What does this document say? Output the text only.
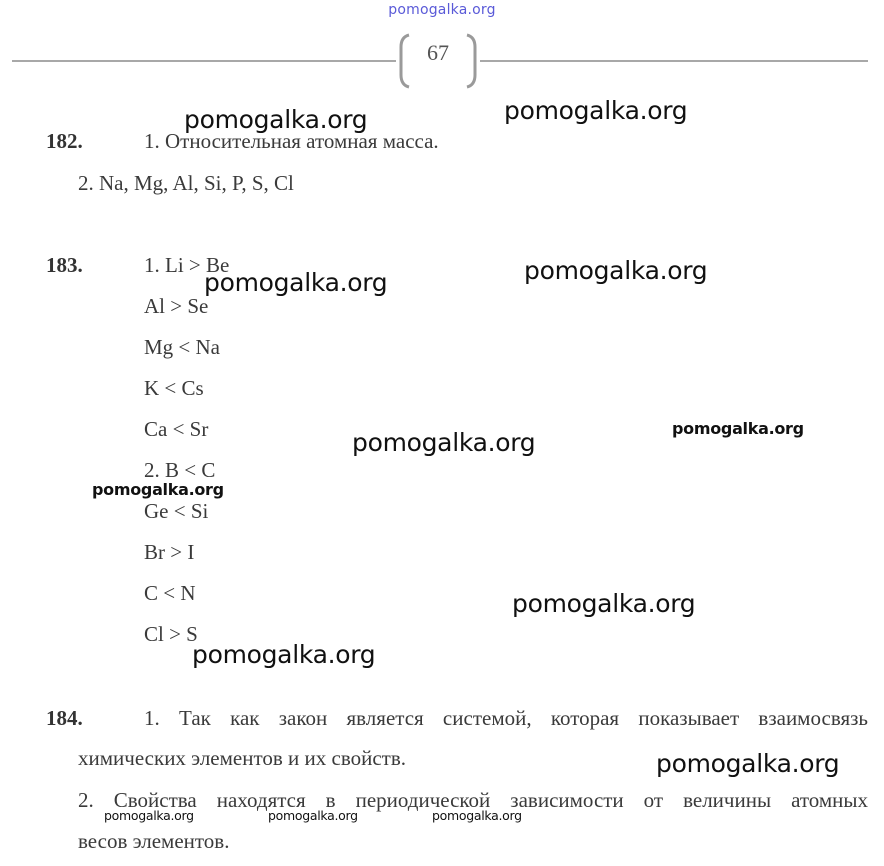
pomogalka.org
67
182.	1. Относительная атомная масса.
2. Na, Mg, Al, Si, P, S, Cl
183.	1. Li > Be
Al > Se
Mg < Na
K < Cs
Ca < Sr
2. B < C
Ge < Si
Br > I
C < N
Cl > S
184.	1. Так как закон является системой, которая показывает взаимосвязь
химических элементов и их свойств.
2. Свойства находятся в периодической зависимости от величины атомных
весов элементов.
pomogalka.org	pomogalka.org
pomogalka.org
pomogalka.org
pomogalka.org	pomogalka.org
pomogalka.org
pomogalka.org
pomogalka.org
pomogalka.org
pomogalka.org	pomogalka.org	pomogalka.org
